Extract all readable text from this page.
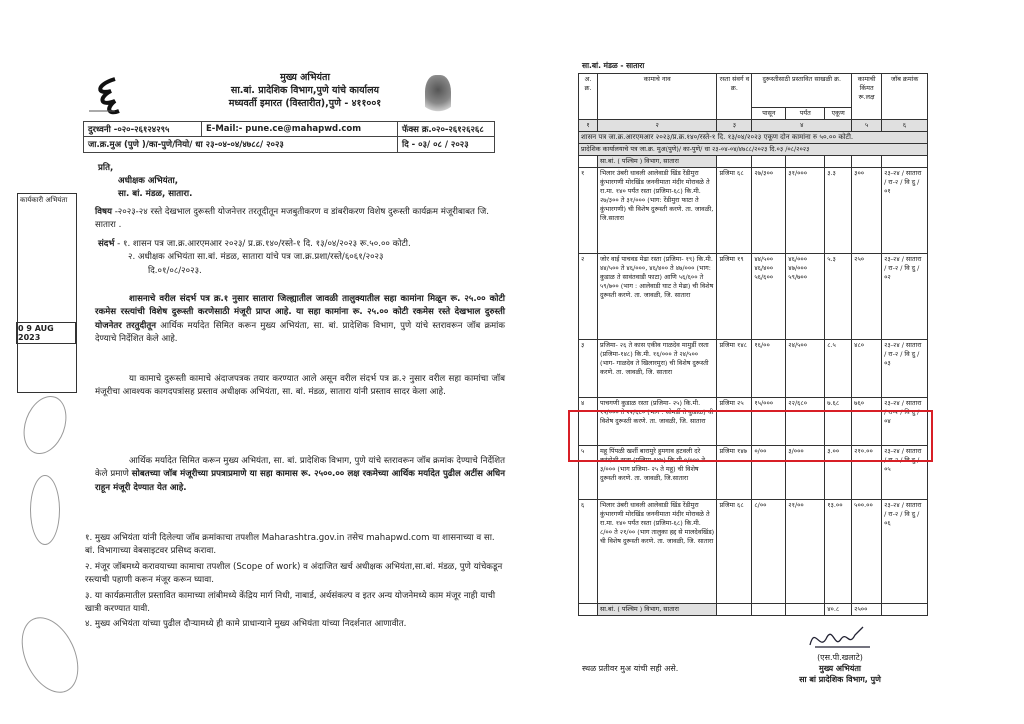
मुख्य अभियंता
सा.बां. प्रादेशिक विभाग,पुणे यांचे कार्यालय
मध्यवर्ती इमारत (विस्तारीत),पुणे - ४११००१
दुरध्वनी -०२०-२६१२४२९५	E-Mail:- pune.ce@mahapwd.com	फॅक्स क्र.०२०-२६१२६२६८
जा.क्र.मुअ (पुणे )/का-पुणे/नियो/ धा २३-०४-०४/४७८८/ २०२३	दि - ०३/ ०८ / २०२३
कार्यकारी अभियंता
0 9 AUG 2023
प्रति,
अधीक्षक अभियंता,
सा. बां. मंडळ, सातारा.
विषय -२०२३-२४ रस्ते देखभाल दुरूस्ती योजनेत्तर तरतूदीतून मजबुतीकरण व डांबरीकरण विशेष दुरूस्ती कार्यक्रम मंजूरीबाबत जि. सातारा .
संदर्भ - १. शासन पत्र जा.क्र.आरएमआर २०२३/ प्र.क्र.१४०/रस्ते-१ दि. १३/०४/२०२३ रू.५०.०० कोटी.
२. अधीक्षक अभियंता सा.बां. मंडळ, सातारा यांचे पत्र जा.क्र.प्रशा/रस्ते/६०६१/२०२३
दि.०१/०८/२०२३.
शासनाचे वरील संदर्भ पत्र क्र.१ नुसार सातारा जिल्ह्यातील जावळी तालुक्यातील सहा कामांना मिळून रू. २५.०० कोटी रकमेस रस्त्यांची विशेष दुरूस्ती करणेसाठी मंजूरी प्राप्त आहे. या सहा कामांना रू. २५.०० कोटी रकमेस रस्ते देखभाल दुरुस्ती योजनेतर तरतुदीतून आर्थिक मर्यादेत सिमित करून मुख्य अभियंता, सा. बां. प्रादेशिक विभाग, पुणे यांचे स्तरावरून जॉब क्रमांक देण्याचे निर्देशित केले आहे.
या कामाचे दुरूस्ती कामाचे अंदाजपत्रक तयार करण्यात आले असून वरील संदर्भ पत्र क्र.२ नुसार वरील सहा कामांचा जॉब मंजूरीचा आवश्यक कागदपत्रांसह प्रस्ताव अधीक्षक अभियंता, सा. बां. मंडळ, सातारा यांनी प्रस्ताव सादर केला आहे.
आर्थिक मर्यादेत सिमित करून मुख्य अभियंता, सा. बां. प्रादेशिक विभाग, पुणे यांचे स्तरावरून जॉब क्रमांक देण्याचे निर्देशित केले प्रमाणे सोबतच्या जॉब मंजूरीच्या प्रपत्राप्रमाणे या सहा कामास रू. २५००.०० लक्ष रकमेच्या आर्थिक मर्यादेत पुढील अटींस अधिन राहून मंजूरी देण्यात येत आहे.
१. मुख्य अभियंता यांनी दिलेल्या जॉब क्रमांकाचा तपशील Maharashtra.gov.in तसेच mahapwd.com या शासनाच्या व सा. बां. विभागाच्या वेबसाइटवर प्रसिध्द करावा.
२. मंजूर जॉबमध्ये करावयाच्या कामाचा तपशील (Scope of work) व अंदाजित खर्च अधीक्षक अभियंता,सा.बां. मंडळ, पुणे यांचेकडून रस्त्याची पहाणी करून मंजूर करून घ्यावा.
३. या कार्यक्रमातील प्रस्तावित कामाच्या लांबीमध्ये केंद्रिय मार्ग निधी, नाबार्ड, अर्थसंकल्प व इतर अन्य योजनेमध्ये काम मंजूर नाही याची खात्री करण्यात यावी.
४. मुख्य अभियंता यांच्या पुढील दौऱ्यामध्ये ही कामे प्राधान्याने मुख्य अभियंता यांच्या निदर्शनात आणावीत.
सा.बां. मंडळ - सातारा
अ. क्र.	कामाचे नाव	रस्ता संवर्ग व क्र.	दुरूस्तीसाठी प्रस्तावित साखळी क्र.			कामाची किंमत रू.लक्ष	जॉब क्रमांक
			पासून	पर्यंत	एकूण		
१	२	३	४			५	६
शासन पत्र जा.क्र.आरएमआर २०२३/प्र.क्र.१४०/रस्ते-१ दि. १३/०४/२०२३ एकूण दोन कामांना रु ५०.०० कोटी.							
प्रादेशिक कार्यालयाचे पत्र जा.क्र. मुअ(पुणे)/ का-पुणे/ धा २३-०४-०४/४७८८/२०२३ दि.०३ /०८/२०२३							
	सा.बां. ( पश्चिम ) विभाग, सातारा						
१	भिलार उंबरी धावली आलेवाडी खिंड रेंडीमुरा कुंभारगणी मोरखिंड जननीमाता मंदीर मोरावळे ते रा.मा. १४० पर्यंत रस्ता (प्रजिमा-६८) कि.मी. २७/३०० ते ३१/००० (भाग: रेंडीमुरा फाटा ते कुंभारगणी) ची विशेष दुरूस्ती करणे. ता. जावळी, जि.सातारा	प्रजिमा ६८	२७/३००	३१/०००	३.३	३००	२३-२४ / सातारा / रा-२ / वि दु / ०१
२	जोर वाई पाचवड मेढा रस्ता (प्रजिमा- १९) कि.मी. ४४/५०० ते ४६/०००, ४६/४०० ते ४७/००० (भाग: कुडाळ ते सावंतवाडी फाटा) आणि ५६/६०० ते ५९/७०० (भाग : आलेवाडी घाट ते मेढा) ची विशेष दुरूस्ती करणे. ता. जावळी, जि. सातारा	प्रजिमा १९	४४/५०० ४६/४०० ५६/६००	४६/००० ४७/००० ५९/७००	५.३	२५०	२३-२४ / सातारा / रा-२ / वि दु / ०२
३	प्रजिमा- २६ ते कास एकीव गाळदेव मामुर्डी रस्ता (प्रजिमा-१४८) कि.मी. १६/००० ते २४/५०० (भाग- गाळदेव ते खिलारमुरा) ची विशेष दुरूस्ती करणे. ता. जावळी, जि. सातारा	प्रजिमा १४८	१६/००	२४/५००	८.५	४८०	२३-२४ / सातारा / रा-२ / वि दु / ०३
४	पाचगणी कुडाळ रस्ता (प्रजिमा- २५) कि.मी. १५/००० ते २२/६८० (भाग : सोमर्डी ते कुडाळ) ची विशेष दुरूस्ती करणे. ता. जावळी, जि. सातारा	प्रजिमा २५	१५/०००	२२/६८०	७.६८	७६०	२३-२४ / सातारा / रा-२ / वि दु / ०४
५	महू पिंपळी खर्शी बारामुरे हुमगाव हटवली दरे करंदोशी रस्ता (प्रजिमा-१४७) कि.मी.०/००० ते ३/००० (भाग प्रजिमा- २५ ते महू) ची विशेष दुरूस्ती करणे. ता. जावळी, जि.सातारा	प्रजिमा १४७	०/००	३/०००	३.००	२१०.००	२३-२४ / सातारा / रा-२ / वि दु / ०५
६	भिलार उंबरी धावली आलेवाडी खिंड रेंडीमुरा कुंभारगणी मोरखिंड जननीमाता मंदीर मोरावळे ते रा.मा. १४० पर्यंत रस्ता (प्रजिमा-६८) कि.मी. ८/०० ते २१/०० (भाग तालुका हद्द से मालदेवखिंड) ची विशेष दुरूस्ती करणे. ता. जावळी, जि. सातारा	प्रजिमा ६८	८/००	२१/००	१३.००	५००.००	२३-२४ / सातारा / रा-२ / वि दु / ०६
	सा.बां. ( पश्चिम ) विभाग, सातारा				४०.८	२५००	
स्थळ प्रतीवर मुअ यांची सही असे.
(एस.पी.खलाटे)
मुख्य अभियंता
सा बां प्रादेशिक विभाग, पुणे
